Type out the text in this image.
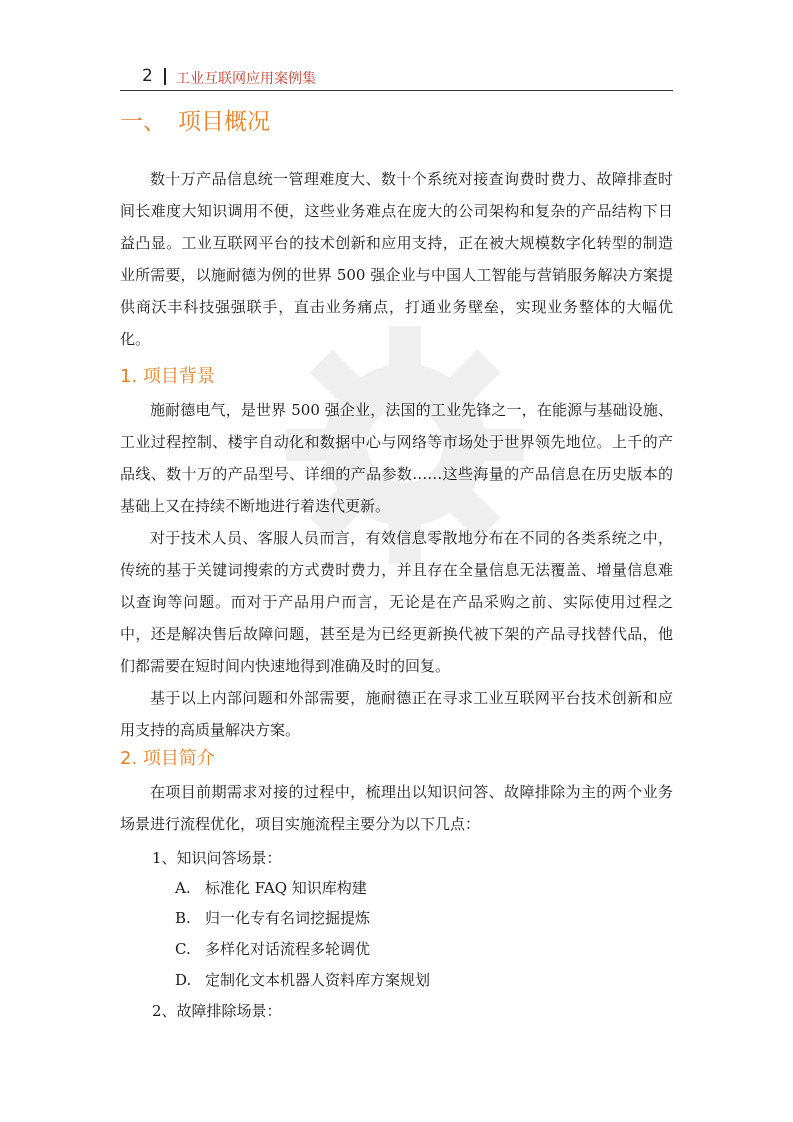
2 工业互联网应用案例集
一、 项目概况

数十万产品信息统一管理难度大、数十个系统对接查询费时费力、故障排查时间长难度大知识调用不便，这些业务难点在庞大的公司架构和复杂的产品结构下日益凸显。工业互联网平台的技术创新和应用支持，正在被大规模数字化转型的制造业所需要，以施耐德为例的世界 500 强企业与中国人工智能与营销服务解决方案提供商沃丰科技强强联手，直击业务痛点，打通业务壁垒，实现业务整体的大幅优化。

1. 项目背景

施耐德电气，是世界 500 强企业，法国的工业先锋之一，在能源与基础设施、工业过程控制、楼宇自动化和数据中心与网络等市场处于世界领先地位。上千的产品线、数十万的产品型号、详细的产品参数……这些海量的产品信息在历史版本的基础上又在持续不断地进行着迭代更新。

对于技术人员、客服人员而言，有效信息零散地分布在不同的各类系统之中，传统的基于关键词搜索的方式费时费力，并且存在全量信息无法覆盖、增量信息难以查询等问题。而对于产品用户而言，无论是在产品采购之前、实际使用过程之中，还是解决售后故障问题，甚至是为已经更新换代被下架的产品寻找替代品，他们都需要在短时间内快速地得到准确及时的回复。

基于以上内部问题和外部需要，施耐德正在寻求工业互联网平台技术创新和应用支持的高质量解决方案。

2. 项目简介

在项目前期需求对接的过程中，梳理出以知识问答、故障排除为主的两个业务场景进行流程优化，项目实施流程主要分为以下几点：

1、知识问答场景：
A. 标准化 FAQ 知识库构建
B. 归一化专有名词挖掘提炼
C. 多样化对话流程多轮调优
D. 定制化文本机器人资料库方案规划
2、故障排除场景：
